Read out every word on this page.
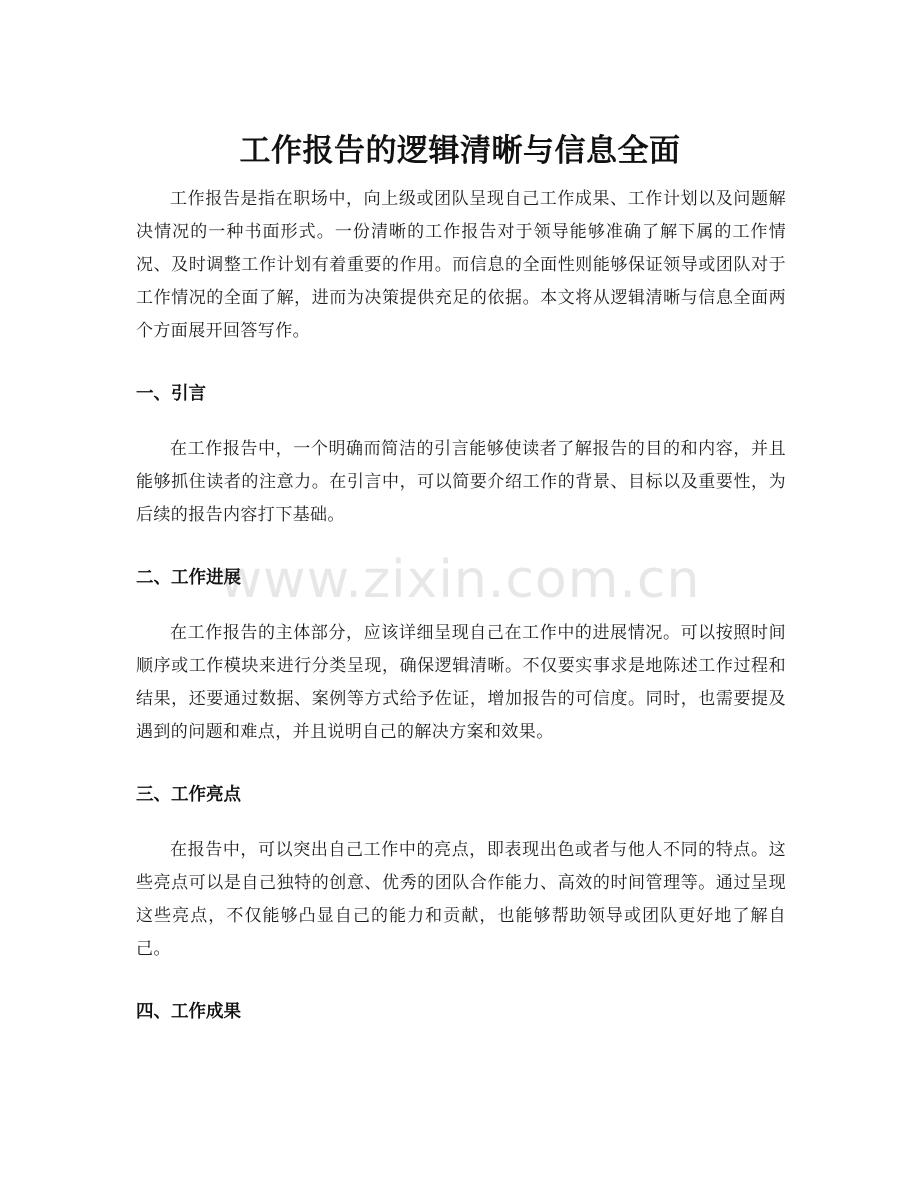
工作报告的逻辑清晰与信息全面

工作报告是指在职场中，向上级或团队呈现自己工作成果、工作计划以及问题解决情况的一种书面形式。一份清晰的工作报告对于领导能够准确了解下属的工作情况、及时调整工作计划有着重要的作用。而信息的全面性则能够保证领导或团队对于工作情况的全面了解，进而为决策提供充足的依据。本文将从逻辑清晰与信息全面两个方面展开回答写作。

一、引言

在工作报告中，一个明确而简洁的引言能够使读者了解报告的目的和内容，并且能够抓住读者的注意力。在引言中，可以简要介绍工作的背景、目标以及重要性，为后续的报告内容打下基础。

二、工作进展

在工作报告的主体部分，应该详细呈现自己在工作中的进展情况。可以按照时间顺序或工作模块来进行分类呈现，确保逻辑清晰。不仅要实事求是地陈述工作过程和结果，还要通过数据、案例等方式给予佐证，增加报告的可信度。同时，也需要提及遇到的问题和难点，并且说明自己的解决方案和效果。

三、工作亮点

在报告中，可以突出自己工作中的亮点，即表现出色或者与他人不同的特点。这些亮点可以是自己独特的创意、优秀的团队合作能力、高效的时间管理等。通过呈现这些亮点，不仅能够凸显自己的能力和贡献，也能够帮助领导或团队更好地了解自己。

四、工作成果
www.zixin.com.cn
